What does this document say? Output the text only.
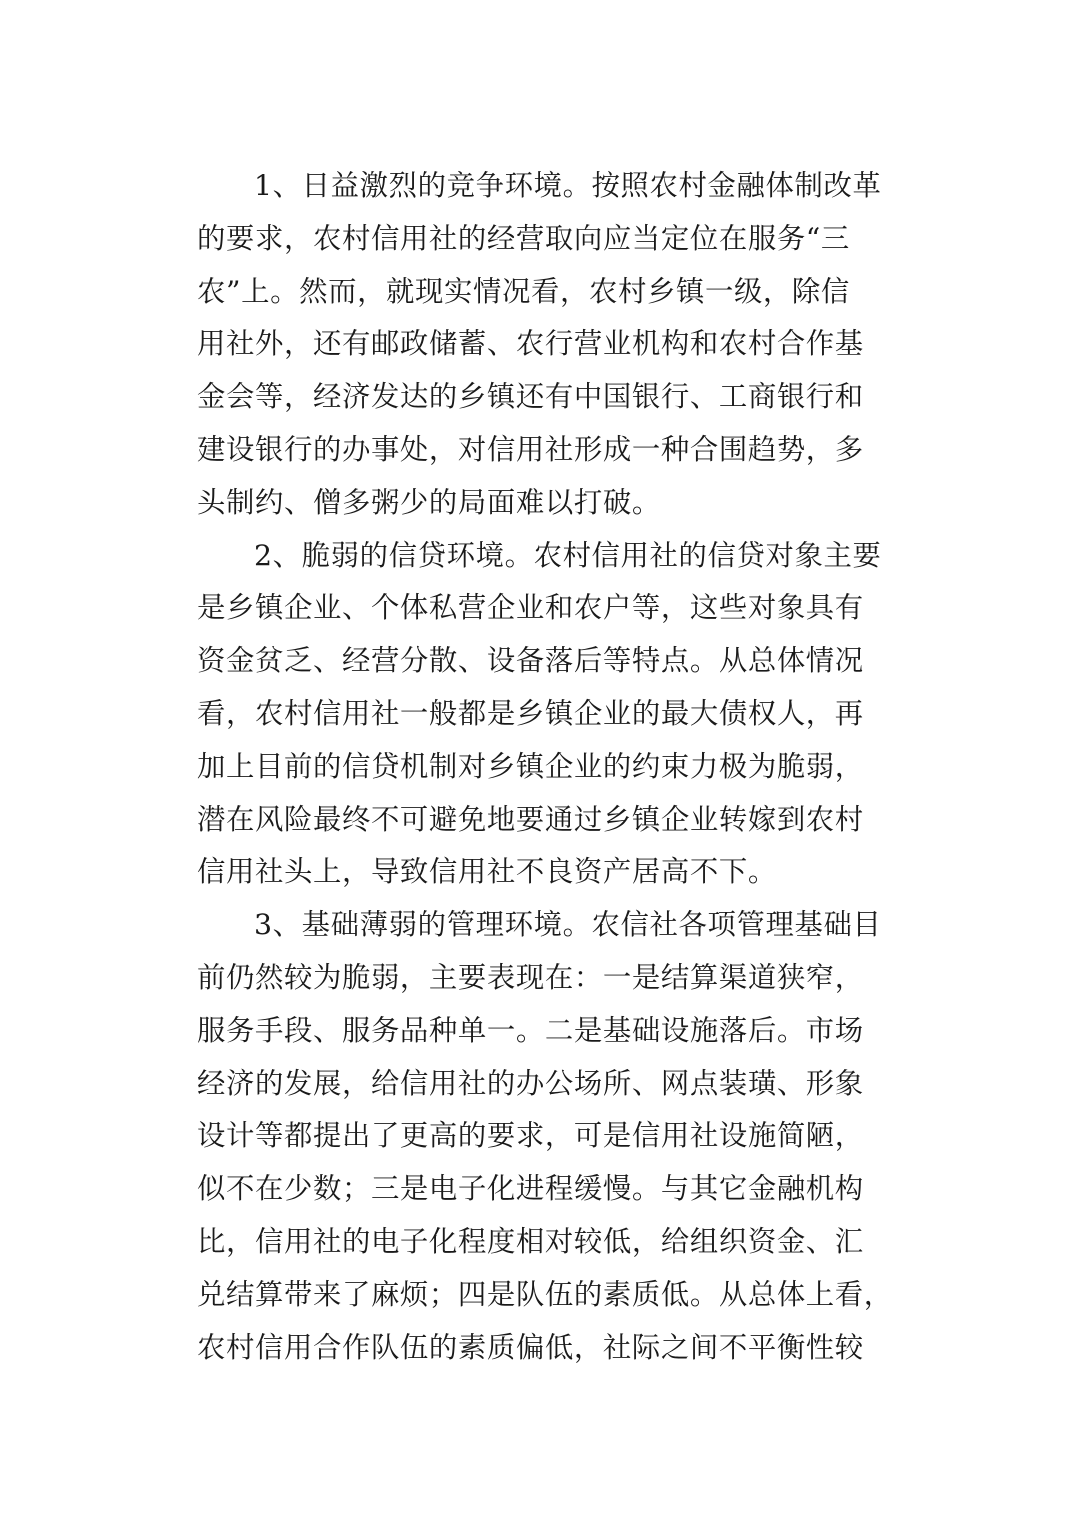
1、日益激烈的竞争环境。按照农村金融体制改革
的要求，农村信用社的经营取向应当定位在服务“三
农”上。然而，就现实情况看，农村乡镇一级，除信
用社外，还有邮政储蓄、农行营业机构和农村合作基
金会等，经济发达的乡镇还有中国银行、工商银行和
建设银行的办事处，对信用社形成一种合围趋势，多
头制约、僧多粥少的局面难以打破。
2、脆弱的信贷环境。农村信用社的信贷对象主要
是乡镇企业、个体私营企业和农户等，这些对象具有
资金贫乏、经营分散、设备落后等特点。从总体情况
看，农村信用社一般都是乡镇企业的最大债权人，再
加上目前的信贷机制对乡镇企业的约束力极为脆弱，
潜在风险最终不可避免地要通过乡镇企业转嫁到农村
信用社头上，导致信用社不良资产居高不下。
3、基础薄弱的管理环境。农信社各项管理基础目
前仍然较为脆弱，主要表现在：一是结算渠道狭窄，
服务手段、服务品种单一。二是基础设施落后。市场
经济的发展，给信用社的办公场所、网点装璜、形象
设计等都提出了更高的要求，可是信用社设施简陋，
似不在少数；三是电子化进程缓慢。与其它金融机构
比，信用社的电子化程度相对较低，给组织资金、汇
兑结算带来了麻烦；四是队伍的素质低。从总体上看，
农村信用合作队伍的素质偏低，社际之间不平衡性较
